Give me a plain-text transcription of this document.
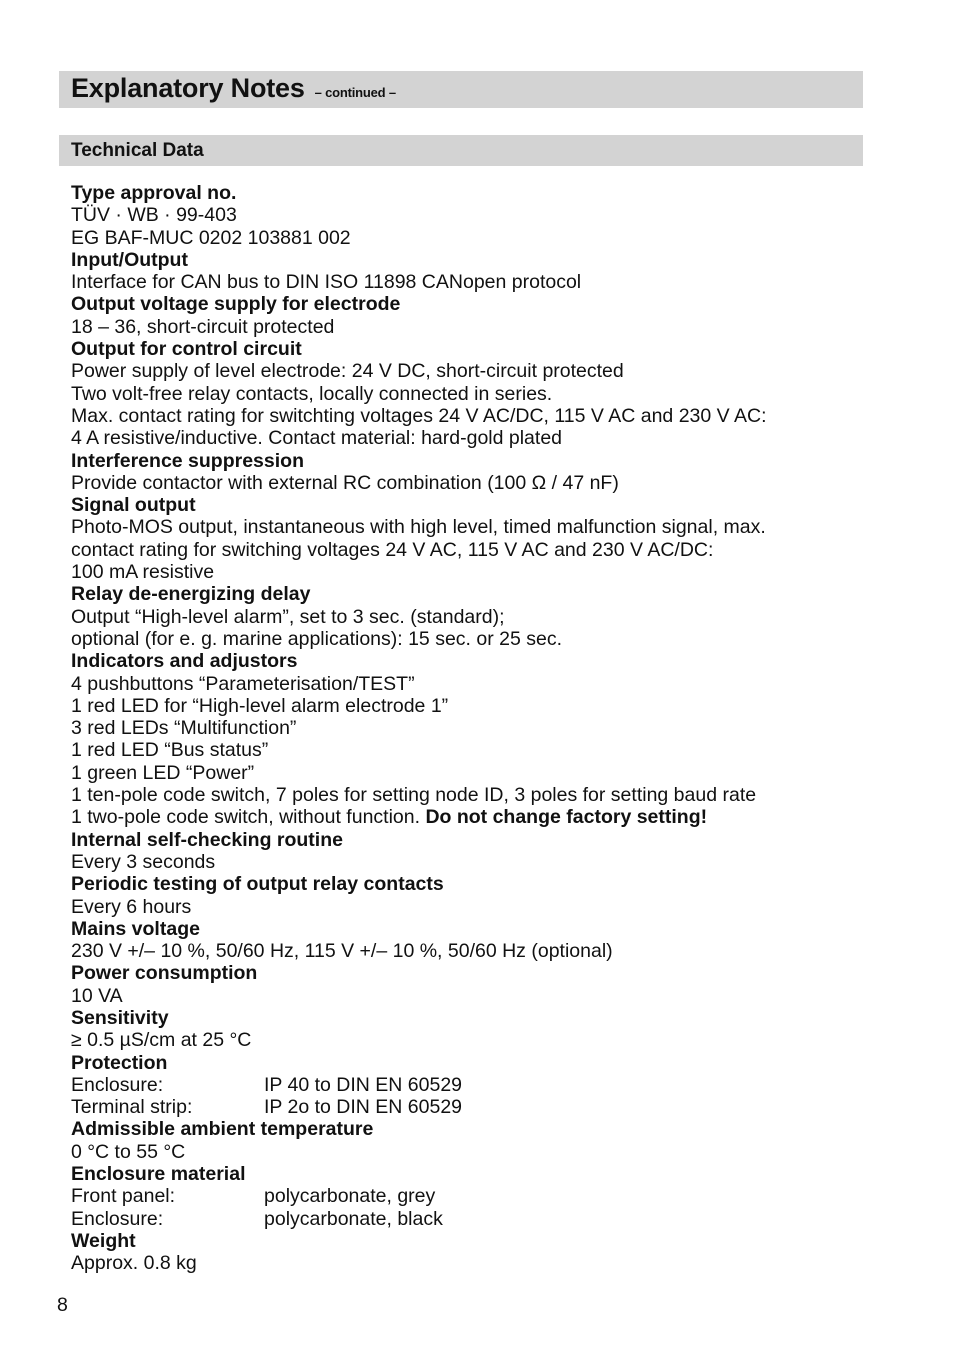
Explanatory Notes – continued –
Technical Data
Type approval no.
TÜV · WB · 99-403
EG BAF-MUC 0202 103881 002
Input/Output
Interface for CAN bus to DIN ISO 11898 CANopen protocol
Output voltage supply for electrode
18 – 36, short-circuit protected
Output for control circuit
Power supply of level electrode: 24 V DC, short-circuit protected
Two volt-free relay contacts, locally connected in series.
Max. contact rating for switchting voltages 24 V AC/DC, 115 V AC and 230 V AC:
4 A resistive/inductive. Contact material: hard-gold plated
Interference suppression
Provide contactor with external RC combination (100 Ω / 47 nF)
Signal output
Photo-MOS output, instantaneous with high level, timed malfunction signal, max.
contact rating for switching voltages 24 V AC, 115 V AC and 230 V AC/DC:
100 mA resistive
Relay de-energizing delay
Output “High-level alarm”, set to 3 sec. (standard);
optional (for e. g. marine applications): 15 sec. or 25 sec.
Indicators and adjustors
4 pushbuttons “Parameterisation/TEST”
1 red LED for “High-level alarm electrode 1”
3 red LEDs “Multifunction”
1 red LED “Bus status”
1 green LED “Power”
1 ten-pole code switch, 7 poles for setting node ID, 3 poles for setting baud rate
1 two-pole code switch, without function. Do not change factory setting!
Internal self-checking routine
Every 3 seconds
Periodic testing of output relay contacts
Every 6 hours
Mains voltage
230 V +/– 10 %, 50/60 Hz, 115 V +/– 10 %, 50/60 Hz (optional)
Power consumption
10 VA
Sensitivity
≥ 0.5 µS/cm at 25 °C
Protection
Enclosure:	IP 40 to DIN EN 60529
Terminal strip:	IP 2o to DIN EN 60529
Admissible ambient temperature
0 °C to 55 °C
Enclosure material
Front panel:	polycarbonate, grey
Enclosure:	polycarbonate, black
Weight
Approx. 0.8 kg
8
